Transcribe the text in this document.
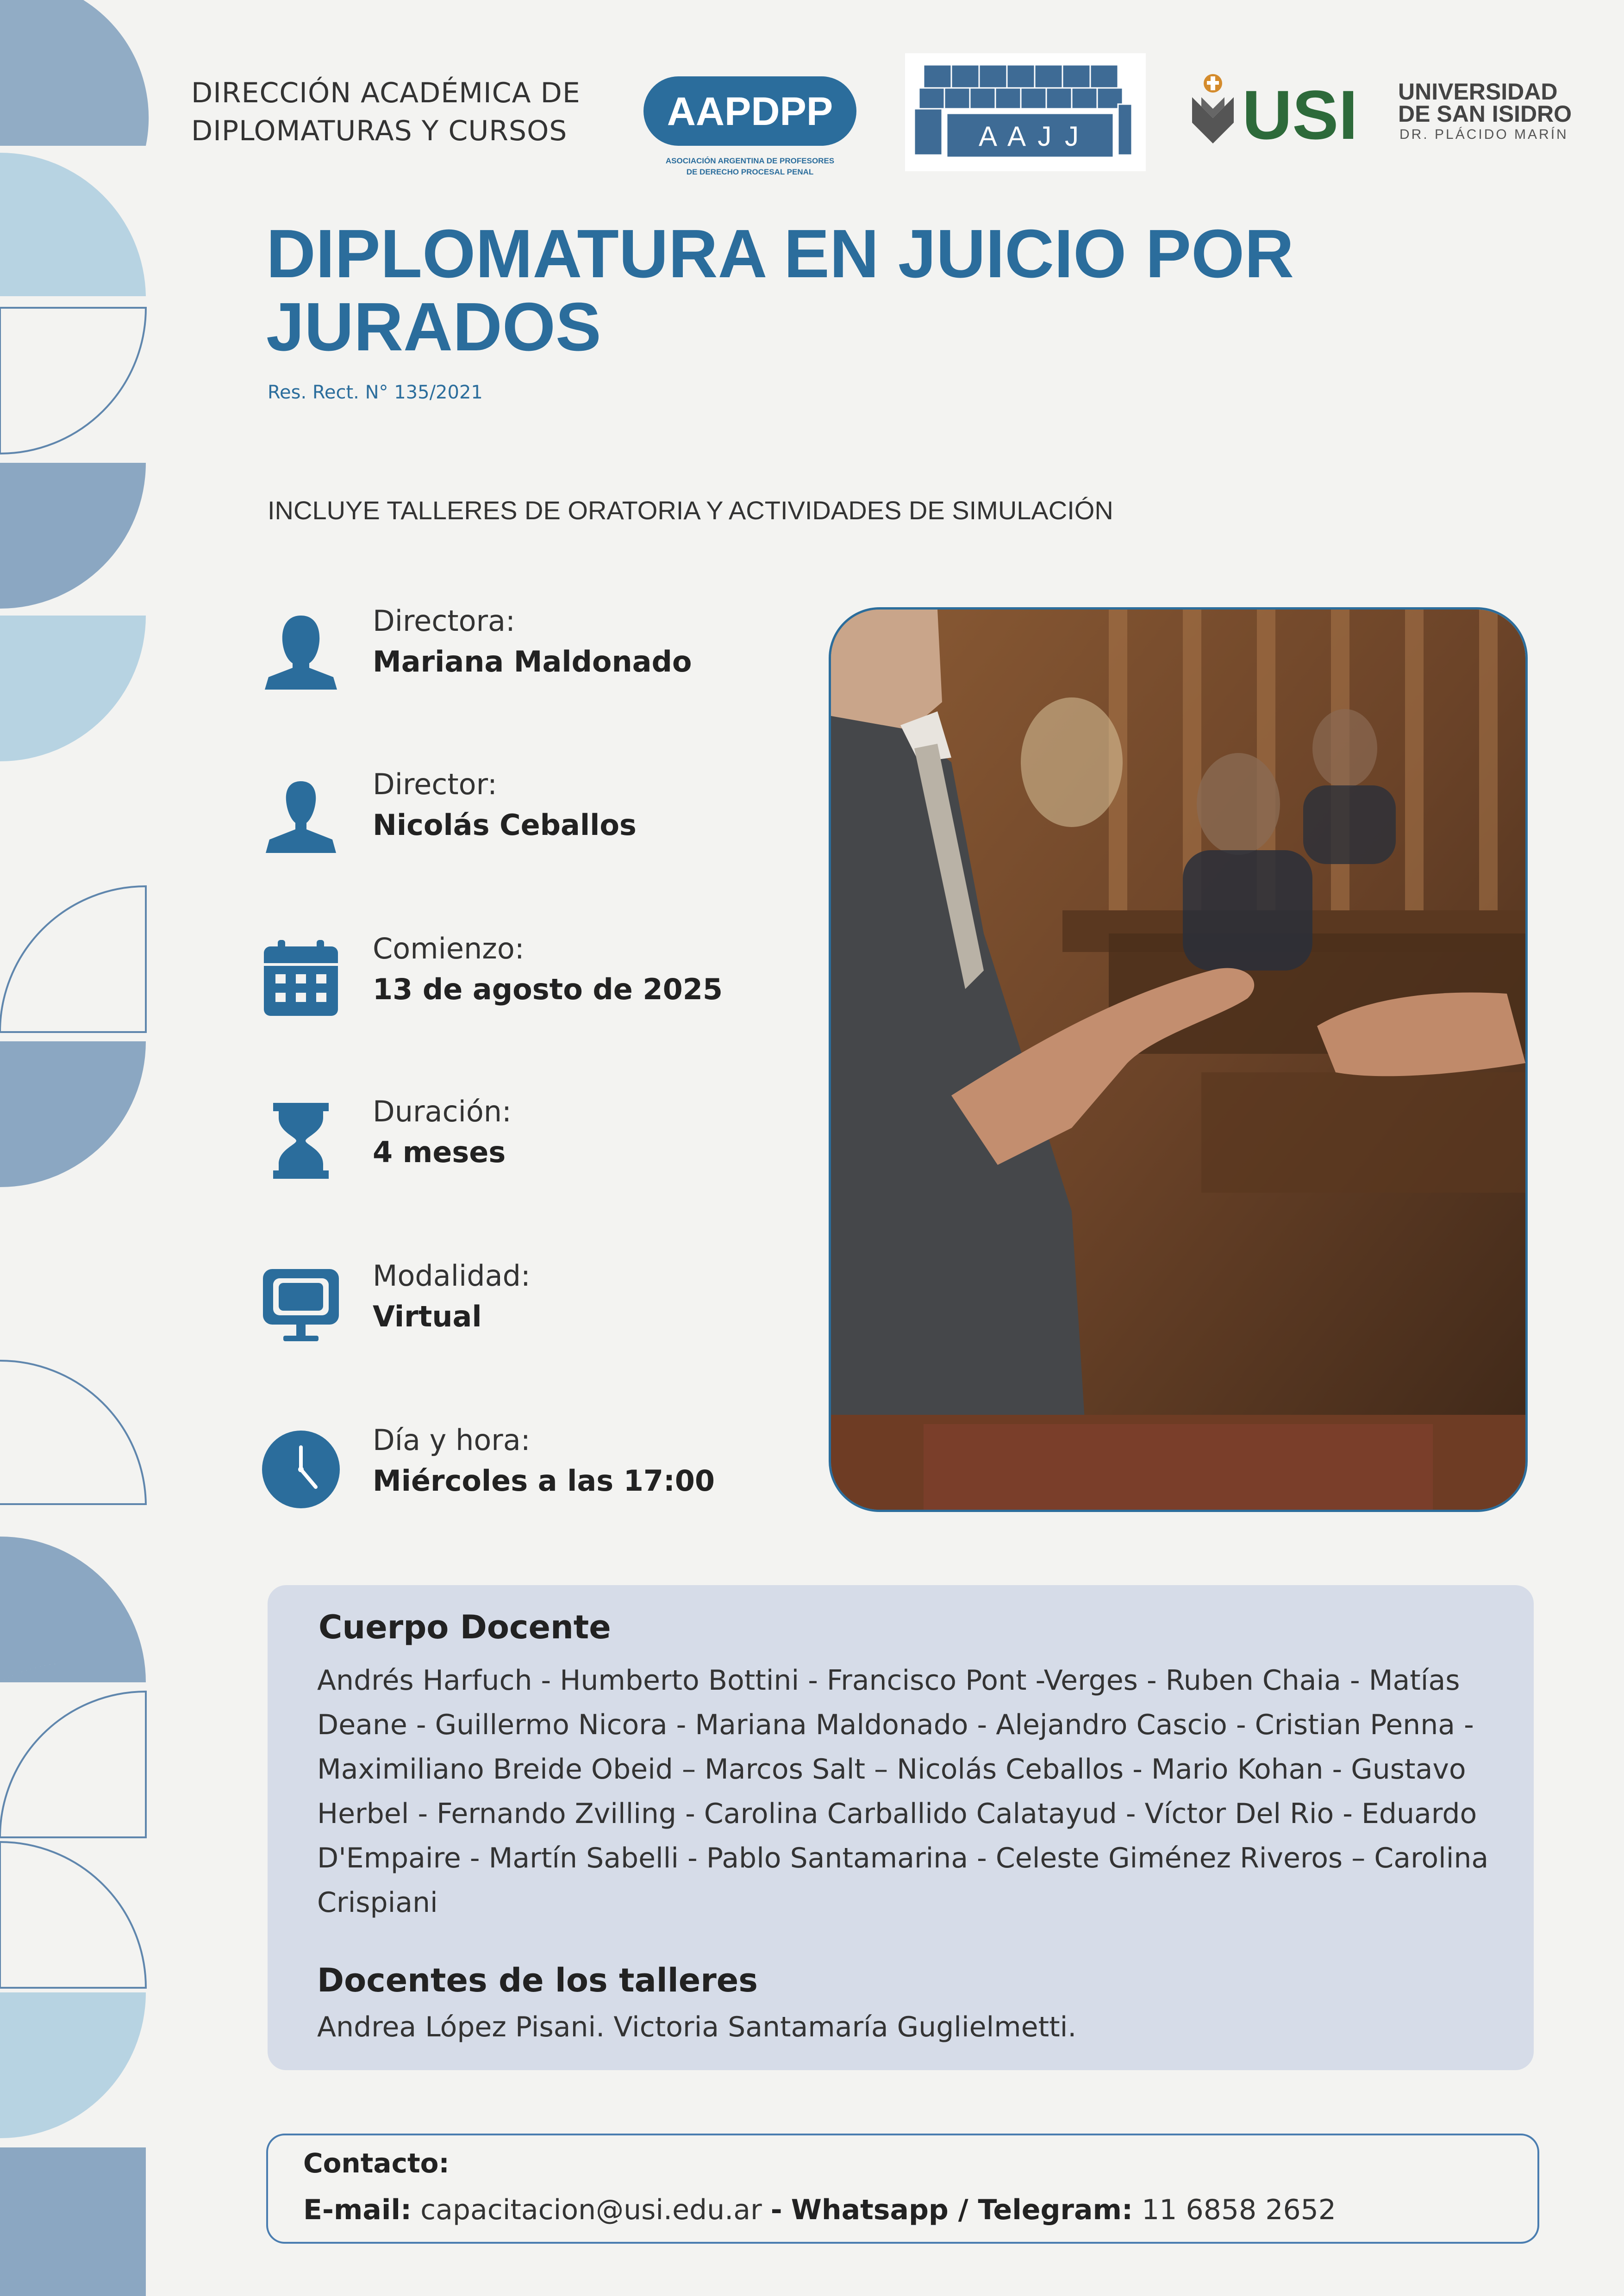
DIRECCIÓN ACADÉMICA DE
DIPLOMATURAS Y CURSOS	AAPDPP
ASOCIACIÓN ARGENTINA DE PROFESORES
DE DERECHO PROCESAL PENAL
A A J J USI UNIVERSIDAD
DE SAN ISIDRO
DR. PLÁCIDO MARÍN
DIPLOMATURA EN JUICIO POR
JURADOS
Res. Rect. N° 135/2021
INCLUYE TALLERES DE ORATORIA Y ACTIVIDADES DE SIMULACIÓN
Directora:
Mariana Maldonado
Director:
Nicolás Ceballos
Comienzo:
13 de agosto de 2025
Duración:
4 meses
Modalidad:
Virtual
Día y hora:
Miércoles a las 17:00
Cuerpo Docente

Andrés Harfuch - Humberto Bottini - Francisco Pont -Verges - Ruben Chaia - Matías Deane - Guillermo Nicora - Mariana Maldonado - Alejandro Cascio - Cristian Penna - Maximiliano Breide Obeid – Marcos Salt – Nicolás Ceballos - Mario Kohan - Gustavo Herbel - Fernando Zvilling - Carolina Carballido Calatayud - Víctor Del Rio - Eduardo D'Empaire - Martín Sabelli - Pablo Santamarina - Celeste Giménez Riveros – Carolina Crispiani

Docentes de los talleres
Andrea López Pisani. Victoria Santamaría Guglielmetti.
Contacto:
E-mail: capacitacion@usi.edu.ar - Whatsapp / Telegram: 11 6858 2652
